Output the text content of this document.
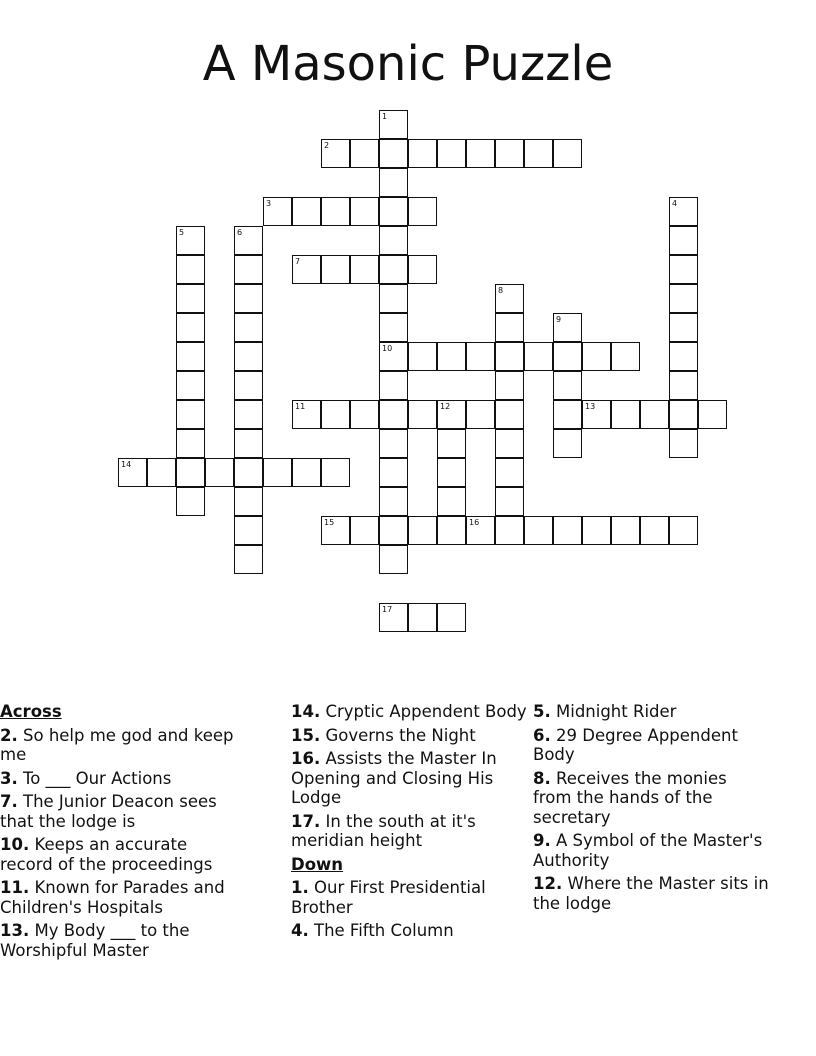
A Masonic Puzzle
2
3
7
10
11	13
14
15	16
17
1
4
5	6
8
9
12
Across
2. So help me god and keep me
3. To ___ Our Actions
7. The Junior Deacon sees that the lodge is
10. Keeps an accurate record of the proceedings
11. Known for Parades and Children's Hospitals
13. My Body ___ to the Worshipful Master
14. Cryptic Appendent Body
15. Governs the Night
16. Assists the Master In Opening and Closing His Lodge
17. In the south at it's meridian height
Down
1. Our First Presidential Brother
4. The Fifth Column
5. Midnight Rider
6. 29 Degree Appendent Body
8. Receives the monies from the hands of the secretary
9. A Symbol of the Master's Authority
12. Where the Master sits in the lodge
